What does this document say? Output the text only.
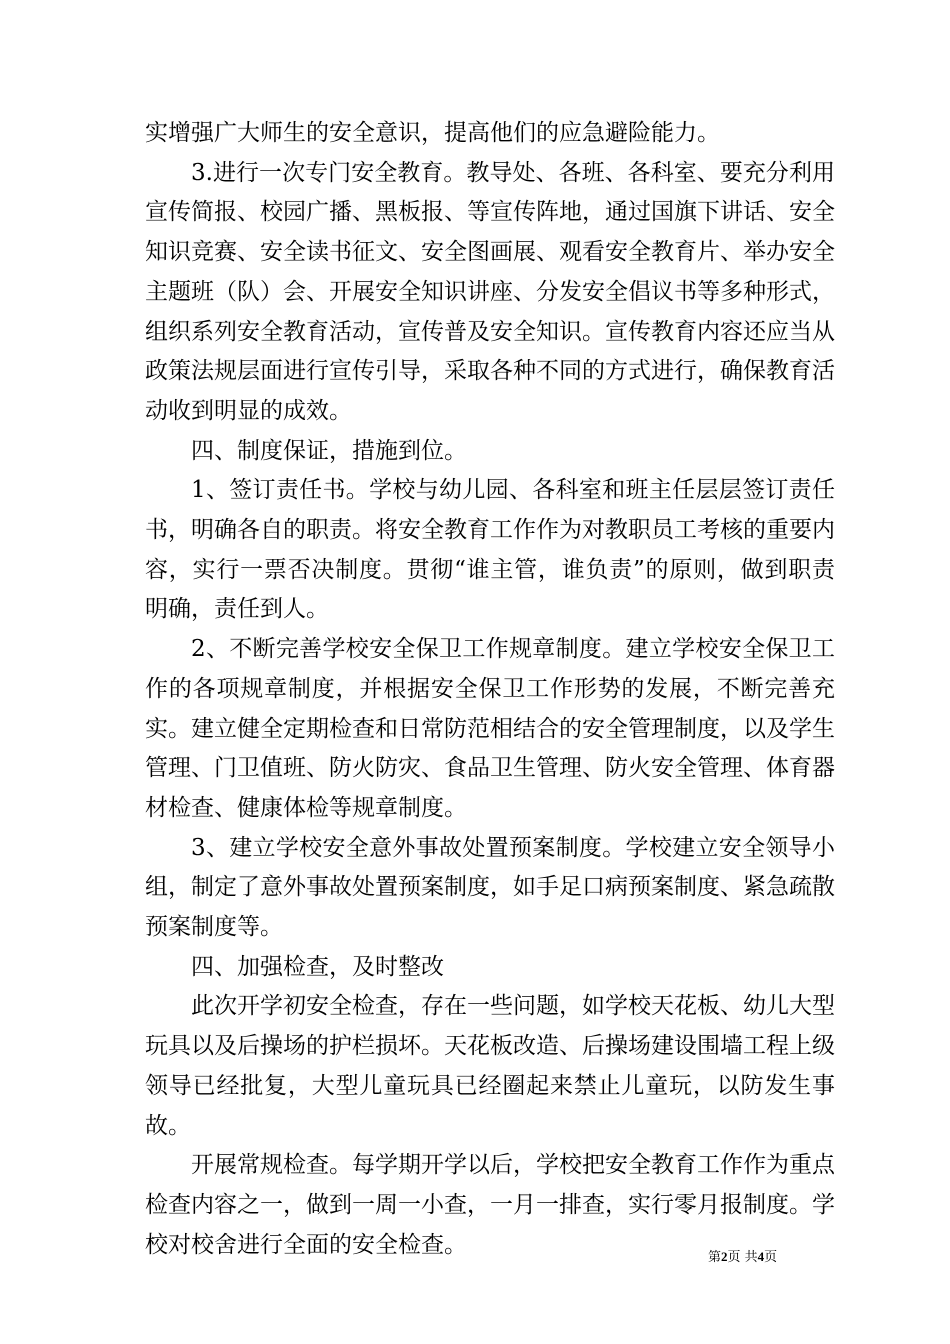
实增强广大师生的安全意识，提高他们的应急避险能力。

3.进行一次专门安全教育。教导处、各班、各科室、要充分利用宣传简报、校园广播、黑板报、等宣传阵地，通过国旗下讲话、安全知识竞赛、安全读书征文、安全图画展、观看安全教育片、举办安全主题班（队）会、开展安全知识讲座、分发安全倡议书等多种形式，组织系列安全教育活动，宣传普及安全知识。宣传教育内容还应当从政策法规层面进行宣传引导，采取各种不同的方式进行，确保教育活动收到明显的成效。

四、制度保证，措施到位。

1、签订责任书。学校与幼儿园、各科室和班主任层层签订责任书，明确各自的职责。将安全教育工作作为对教职员工考核的重要内容，实行一票否决制度。贯彻“谁主管，谁负责”的原则，做到职责明确，责任到人。

2、不断完善学校安全保卫工作规章制度。建立学校安全保卫工作的各项规章制度，并根据安全保卫工作形势的发展，不断完善充实。建立健全定期检查和日常防范相结合的安全管理制度，以及学生管理、门卫值班、防火防灾、食品卫生管理、防火安全管理、体育器材检查、健康体检等规章制度。

3、建立学校安全意外事故处置预案制度。学校建立安全领导小组，制定了意外事故处置预案制度，如手足口病预案制度、紧急疏散预案制度等。

四、加强检查，及时整改

此次开学初安全检查，存在一些问题，如学校天花板、幼儿大型玩具以及后操场的护栏损坏。天花板改造、后操场建设围墙工程上级领导已经批复，大型儿童玩具已经圈起来禁止儿童玩，以防发生事故。

开展常规检查。每学期开学以后，学校把安全教育工作作为重点检查内容之一，做到一周一小查，一月一排查，实行零月报制度。学校对校舍进行全面的安全检查。	第2页 共4页
